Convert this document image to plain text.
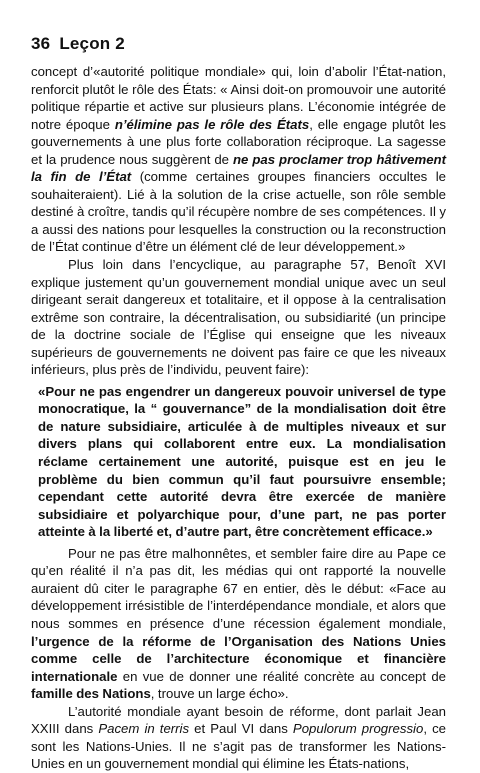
36 Leçon 2

concept d’«autorité politique mondiale» qui, loin d’abolir l’État-nation, renforcit plutôt le rôle des États: « Ainsi doit-on promouvoir une autorité politique répartie et active sur plusieurs plans. L’économie intégrée de notre époque n’élimine pas le rôle des États, elle engage plutôt les gouvernements à une plus forte collaboration réciproque. La sagesse et la prudence nous suggèrent de ne pas proclamer trop hâtivement la fin de l’État (comme certaines groupes financiers occultes le souhaiteraient). Lié à la solution de la crise actuelle, son rôle semble destiné à croître, tandis qu’il récupère nombre de ses compétences. Il y a aussi des nations pour lesquelles la construction ou la reconstruction de l’État continue d’être un élément clé de leur développement.»

Plus loin dans l’encyclique, au paragraphe 57, Benoît XVI explique justement qu’un gouvernement mondial unique avec un seul dirigeant serait dangereux et totalitaire, et il oppose à la centralisation extrême son contraire, la décentralisation, ou subsidiarité (un principe de la doctrine sociale de l’Église qui enseigne que les niveaux supérieurs de gouvernements ne doivent pas faire ce que les niveaux inférieurs, plus près de l’individu, peuvent faire):

«Pour ne pas engendrer un dangereux pouvoir universel de type monocratique, la “ gouvernance” de la mondialisation doit être de nature subsidiaire, articulée à de multiples niveaux et sur divers plans qui collaborent entre eux. La mondialisation réclame certainement une autorité, puisque est en jeu le problème du bien commun qu’il faut poursuivre ensemble; cependant cette autorité devra être exercée de manière subsidiaire et polyarchique pour, d’une part, ne pas porter atteinte à la liberté et, d’autre part, être concrètement efficace.»

Pour ne pas être malhonnêtes, et sembler faire dire au Pape ce qu’en réalité il n’a pas dit, les médias qui ont rapporté la nouvelle auraient dû citer le paragraphe 67 en entier, dès le début: «Face au développement irrésistible de l’interdépendance mondiale, et alors que nous sommes en présence d’une récession également mondiale, l’urgence de la réforme de l’Organisation des Nations Unies comme celle de l’architecture économique et financière internationale en vue de donner une réalité concrète au concept de famille des Nations, trouve un large écho».

L’autorité mondiale ayant besoin de réforme, dont parlait Jean XXIII dans Pacem in terris et Paul VI dans Populorum progressio, ce sont les Nations-Unies. Il ne s’agit pas de transformer les Nations-Unies en un gouvernement mondial qui élimine les États-nations,
